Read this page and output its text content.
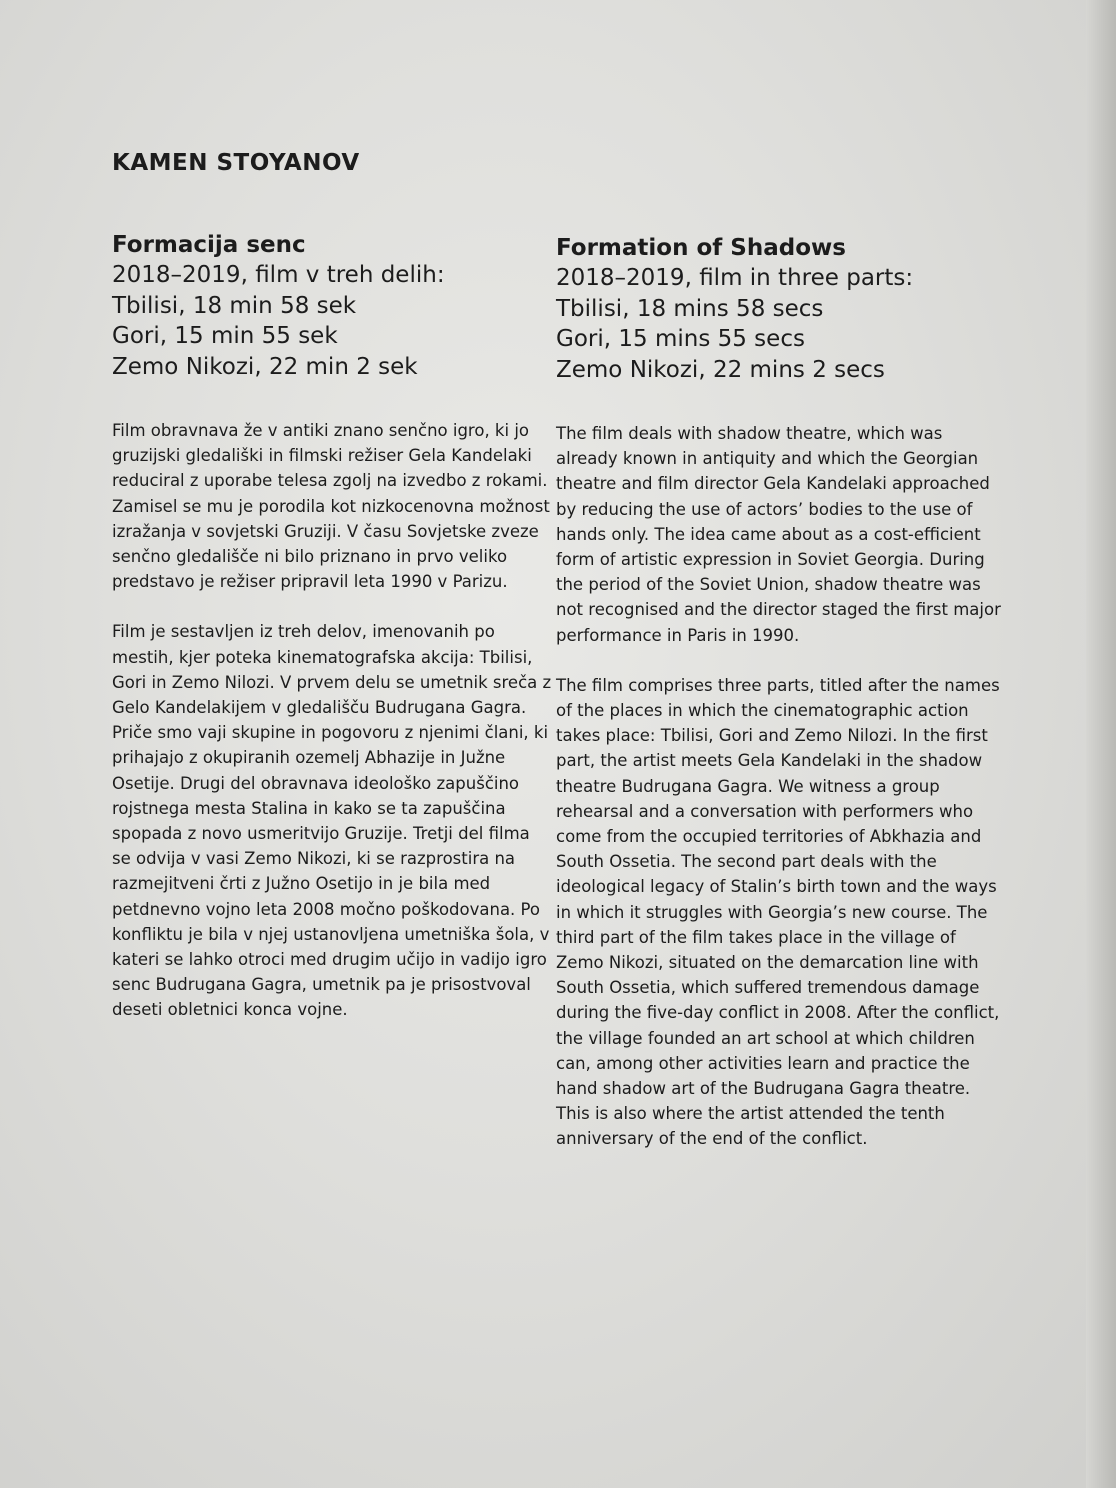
KAMEN STOYANOV
Formacija senc
2018–2019, film v treh delih:
Tbilisi, 18 min 58 sek
Gori, 15 min 55 sek
Zemo Nikozi, 22 min 2 sek

Film obravnava že v antiki znano senčno igro, ki jo gruzijski gledališki in filmski režiser Gela Kandelaki reduciral z uporabe telesa zgolj na izvedbo z rokami. Zamisel se mu je porodila kot nizkocenovna možnost izražanja v sovjetski Gruziji. V času Sovjetske zveze senčno gledališče ni bilo priznano in prvo veliko predstavo je režiser pripravil leta 1990 v Parizu.

Film je sestavljen iz treh delov, imenovanih po mestih, kjer poteka kinematografska akcija: Tbilisi, Gori in Zemo Nilozi. V prvem delu se umetnik sreča z Gelo Kandelakijem v gledališču Budrugana Gagra. Priče smo vaji skupine in pogovoru z njenimi člani, ki prihajajo z okupiranih ozemelj Abhazije in Južne Osetije. Drugi del obravnava ideološko zapuščino rojstnega mesta Stalina in kako se ta zapuščina spopada z novo usmeritvijo Gruzije. Tretji del filma se odvija v vasi Zemo Nikozi, ki se razprostira na razmejitveni črti z Južno Osetijo in je bila med petdnevno vojno leta 2008 močno poškodovana. Po konfliktu je bila v njej ustanovljena umetniška šola, v kateri se lahko otroci med drugim učijo in vadijo igro senc Budrugana Gagra, umetnik pa je prisostvoval deseti obletnici konca vojne.

Formation of Shadows
2018–2019, film in three parts:
Tbilisi, 18 mins 58 secs
Gori, 15 mins 55 secs
Zemo Nikozi, 22 mins 2 secs

The film deals with shadow theatre, which was already known in antiquity and which the Georgian theatre and film director Gela Kandelaki approached by reducing the use of actors’ bodies to the use of hands only. The idea came about as a cost-efficient form of artistic expression in Soviet Georgia. During the period of the Soviet Union, shadow theatre was not recognised and the director staged the first major performance in Paris in 1990.

The film comprises three parts, titled after the names of the places in which the cinematographic action takes place: Tbilisi, Gori and Zemo Nilozi. In the first part, the artist meets Gela Kandelaki in the shadow theatre Budrugana Gagra. We witness a group rehearsal and a conversation with performers who come from the occupied territories of Abkhazia and South Ossetia. The second part deals with the ideological legacy of Stalin’s birth town and the ways in which it struggles with Georgia’s new course. The third part of the film takes place in the village of Zemo Nikozi, situated on the demarcation line with South Ossetia, which suffered tremendous damage during the five-day conflict in 2008. After the conflict, the village founded an art school at which children can, among other activities learn and practice the hand shadow art of the Budrugana Gagra theatre. This is also where the artist attended the tenth anniversary of the end of the conflict.
